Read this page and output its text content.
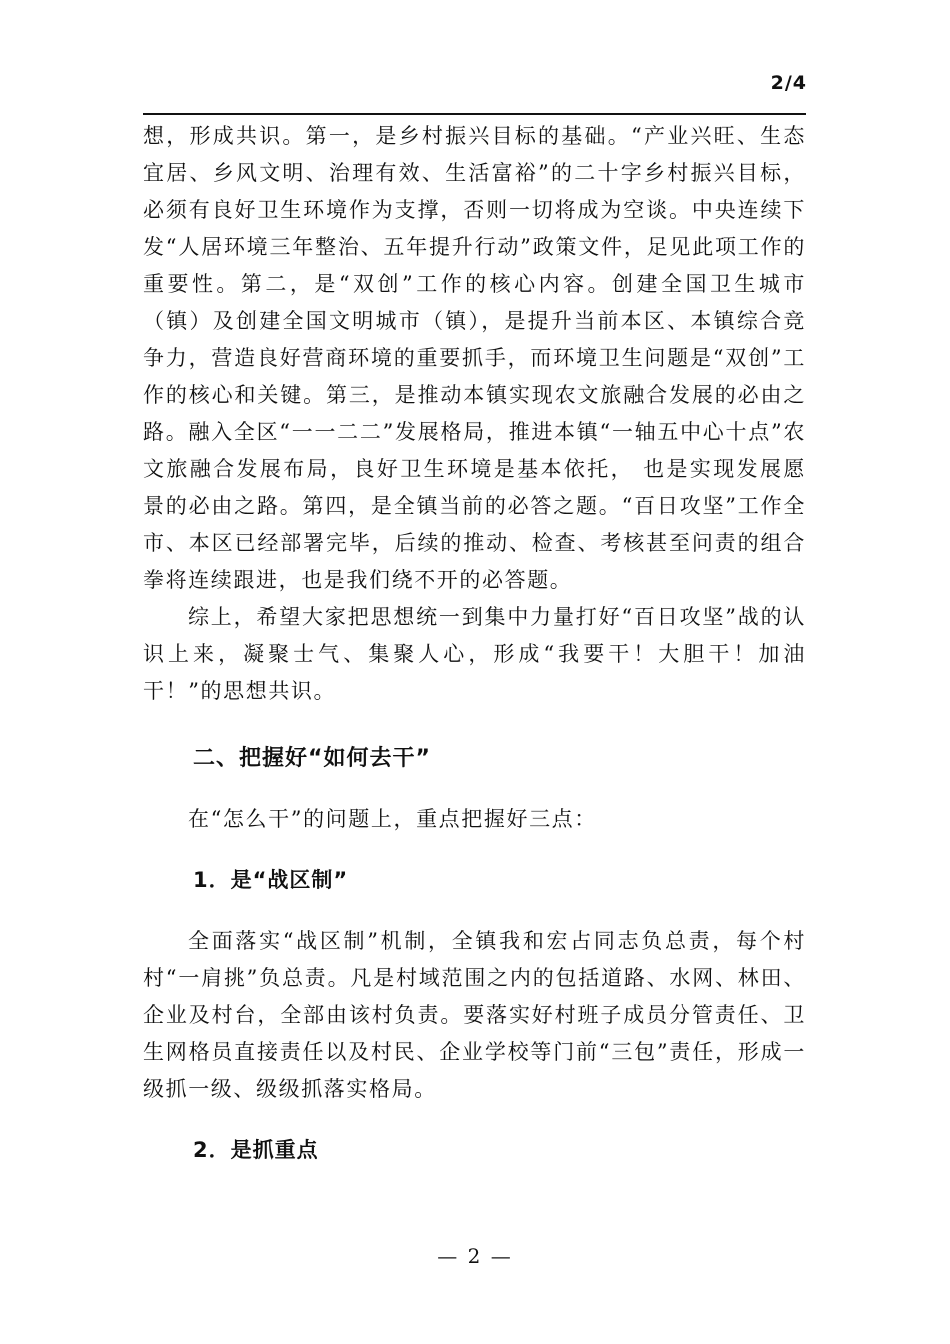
2/4

想，形成共识。第一，是乡村振兴目标的基础。“产业兴旺、生态宜居、乡风文明、治理有效、生活富裕”的二十字乡村振兴目标，必须有良好卫生环境作为支撑，否则一切将成为空谈。中央连续下发“人居环境三年整治、五年提升行动”政策文件，足见此项工作的重要性。第二，是“双创”工作的核心内容。创建全国卫生城市（镇）及创建全国文明城市（镇），是提升当前本区、本镇综合竞争力，营造良好营商环境的重要抓手，而环境卫生问题是“双创”工作的核心和关键。第三，是推动本镇实现农文旅融合发展的必由之路。融入全区“一一二二”发展格局，推进本镇“一轴五中心十点”农文旅融合发展布局，良好卫生环境是基本依托， 也是实现发展愿景的必由之路。第四，是全镇当前的必答之题。“百日攻坚”工作全市、本区已经部署完毕，后续的推动、检查、考核甚至问责的组合拳将连续跟进，也是我们绕不开的必答题。

综上，希望大家把思想统一到集中力量打好“百日攻坚”战的认识上来，凝聚士气、集聚人心，形成“我要干！大胆干！加油干！”的思想共识。

二、把握好“如何去干”

在“怎么干”的问题上，重点把握好三点：

1．是“战区制”

全面落实“战区制”机制，全镇我和宏占同志负总责，每个村村“一肩挑”负总责。凡是村域范围之内的包括道路、水网、林田、企业及村台，全部由该村负责。要落实好村班子成员分管责任、卫生网格员直接责任以及村民、企业学校等门前“三包”责任，形成一级抓一级、级级抓落实格局。

2．是抓重点

— 2 —
